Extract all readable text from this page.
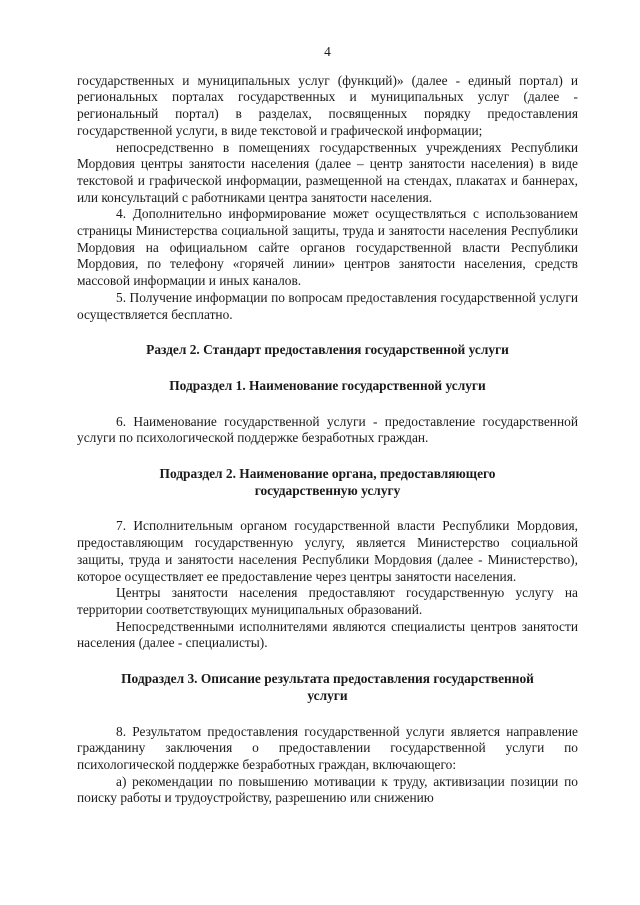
4

государственных и муниципальных услуг (функций)» (далее - единый портал) и региональных порталах государственных и муниципальных услуг (далее - региональный портал) в разделах, посвященных порядку предоставления государственной услуги, в виде текстовой и графической информации;

непосредственно в помещениях государственных учреждениях Республики Мордовия центры занятости населения (далее – центр занятости населения) в виде текстовой и графической информации, размещенной на стендах, плакатах и баннерах, или консультаций с работниками центра занятости населения.

4. Дополнительно информирование может осуществляться с использованием страницы Министерства социальной защиты, труда и занятости населения Республики Мордовия на официальном сайте органов государственной власти Республики Мордовия, по телефону «горячей линии» центров занятости населения, средств массовой информации и иных каналов.

5. Получение информации по вопросам предоставления государственной услуги осуществляется бесплатно.

Раздел 2. Стандарт предоставления государственной услуги
Подраздел 1. Наименование государственной услуги

6. Наименование государственной услуги - предоставление государственной услуги по психологической поддержке безработных граждан.

Подраздел 2. Наименование органа, предоставляющего
государственную услугу

7. Исполнительным органом государственной власти Республики Мордовия, предоставляющим государственную услугу, является Министерство социальной защиты, труда и занятости населения Республики Мордовия (далее - Министерство), которое осуществляет ее предоставление через центры занятости населения.

Центры занятости населения предоставляют государственную услугу на территории соответствующих муниципальных образований.

Непосредственными исполнителями являются специалисты центров занятости населения (далее - специалисты).

Подраздел 3. Описание результата предоставления государственной
услуги

8. Результатом предоставления государственной услуги является направление гражданину заключения о предоставлении государственной услуги по психологической поддержке безработных граждан, включающего:

а) рекомендации по повышению мотивации к труду, активизации позиции по поиску работы и трудоустройству, разрешению или снижению
